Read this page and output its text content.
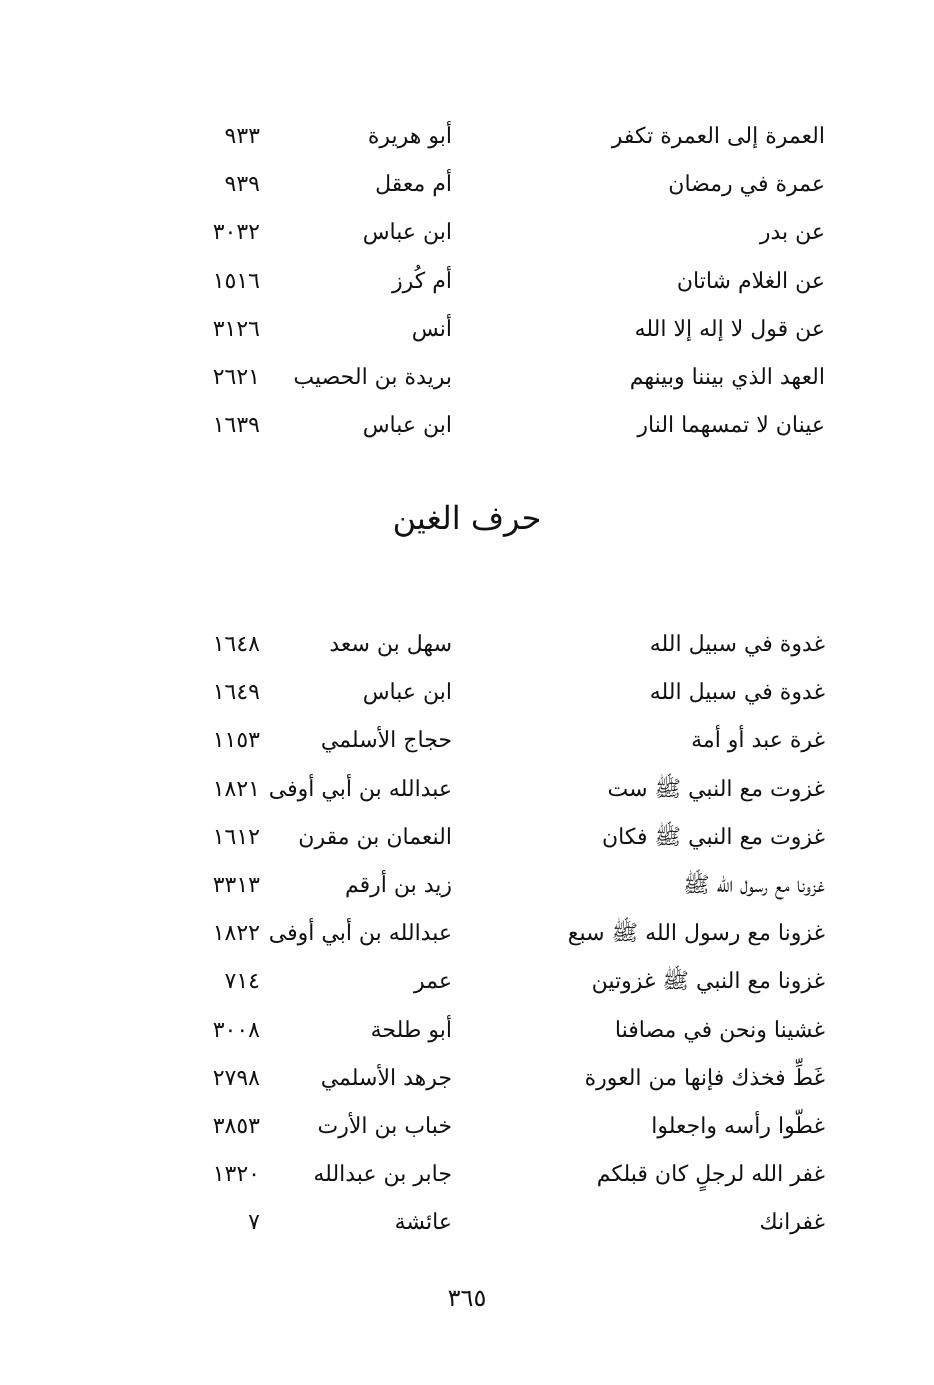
العمرة إلى العمرة تكفر
أبو هريرة
٩٣٣
عمرة في رمضان
أم معقل
٩٣٩
عن بدر
ابن عباس
٣٠٣٢
عن الغلام شاتان
أم كُرز
١٥١٦
عن قول لا إله إلا الله
أنس
٣١٢٦
العهد الذي بيننا وبينهم
بريدة بن الحصيب
٢٦٢١
عينان لا تمسهما النار
ابن عباس
١٦٣٩
حرف الغين
غدوة في سبيل الله
سهل بن سعد
١٦٤٨
غدوة في سبيل الله
ابن عباس
١٦٤٩
غرة عبد أو أمة
حجاج الأسلمي
١١٥٣
غزوت مع النبي ﷺ ست
عبدالله بن أبي أوفى
١٨٢١
غزوت مع النبي ﷺ فكان
النعمان بن مقرن
١٦١٢
غزونا مع رسول الله ﷺ
زيد بن أرقم
٣٣١٣
غزونا مع رسول الله ﷺ سبع
عبدالله بن أبي أوفى
١٨٢٢
غزونا مع النبي ﷺ غزوتين
عمر
٧١٤
غشينا ونحن في مصافنا
أبو طلحة
٣٠٠٨
غَطِّ فخذك فإنها من العورة
جرهد الأسلمي
٢٧٩٨
غطّوا رأسه واجعلوا
خباب بن الأرت
٣٨٥٣
غفر الله لرجلٍ كان قبلكم
جابر بن عبدالله
١٣٢٠
غفرانك
عائشة
٧
٣٦٥
